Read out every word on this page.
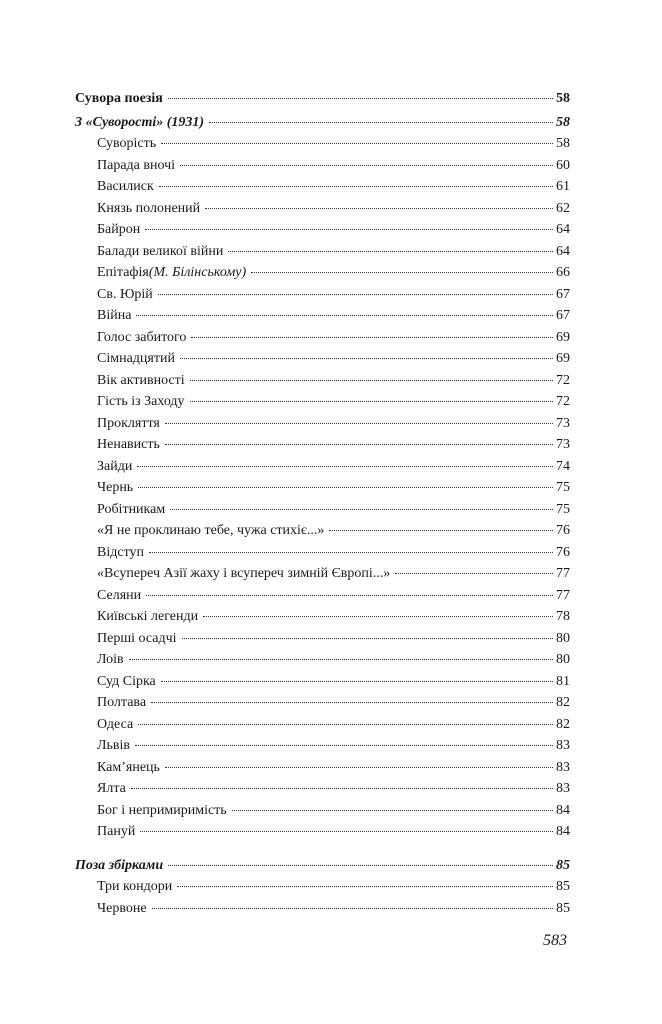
Сувора поезія	58
З «Суворості» (1931)	58
Суворість	58
Парада вночі	60
Василиск	61
Князь полонений	62
Байрон	64
Балади великої війни	64
Епітафія (М. Білінському)	66
Св. Юрій	67
Війна	67
Голос забитого	69
Сімнадцятий	69
Вік активності	72
Гість із Заходу	72
Прокляття	73
Ненависть	73
Зайди	74
Чернь	75
Робітникам	75
«Я не проклинаю тебе, чужа стихіє...»	76
Відступ	76
«Всупереч Азії жаху і всупереч зимній Європі...»	77
Селяни	77
Київські легенди	78
Перші осадчі	80
Лоів	80
Суд Сірка	81
Полтава	82
Одеса	82
Львів	83
Кам’янець	83
Ялта	83
Бог і непримиримість	84
Пануй	84
Поза збірками	85
Три кондори	85
Червоне	85
583
